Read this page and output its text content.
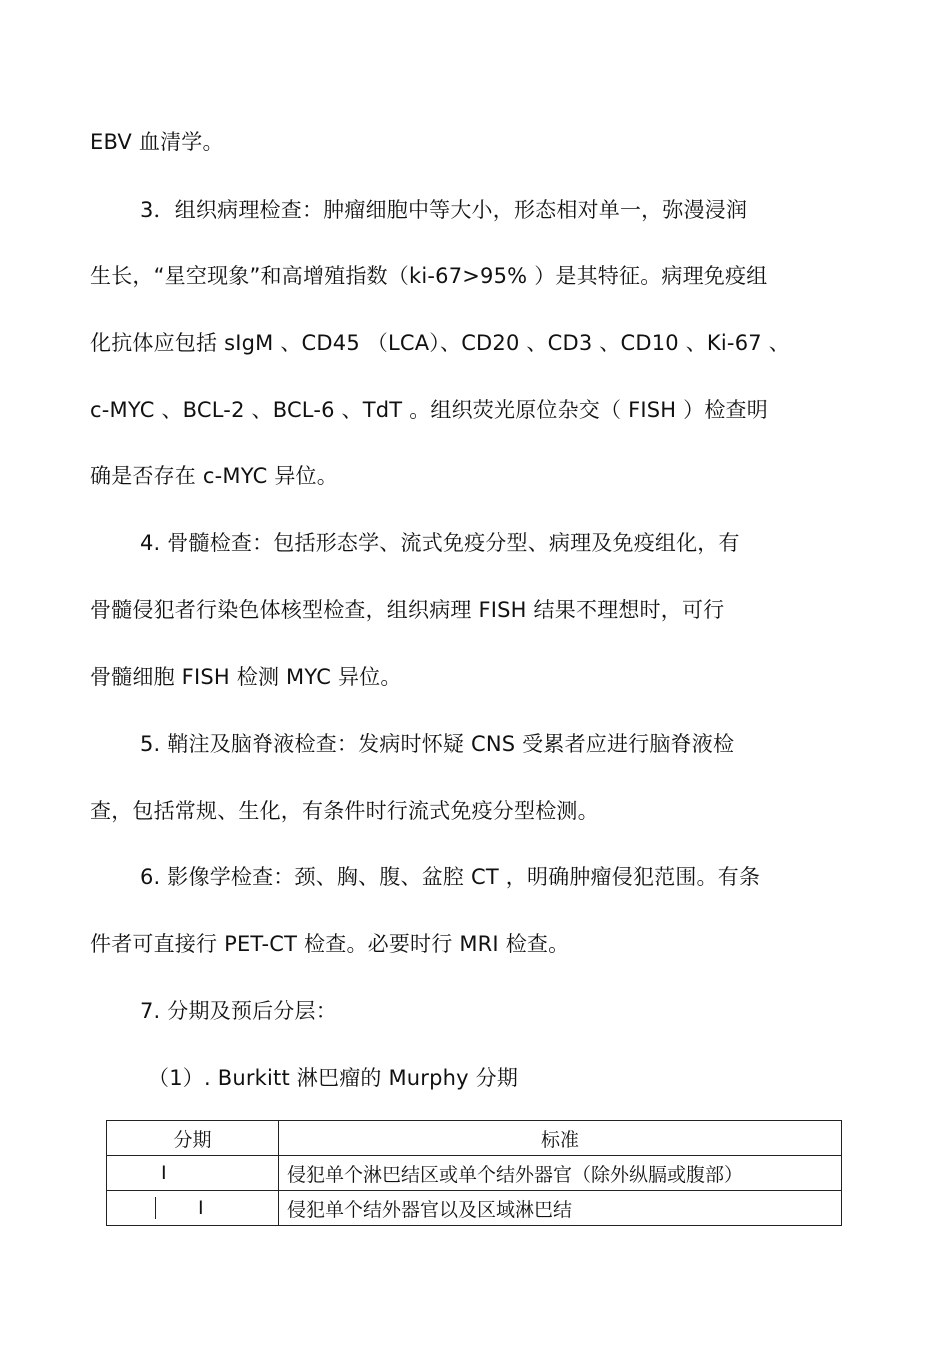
EBV 血清学。
3．组织病理检查：肿瘤细胞中等大小，形态相对单一，弥漫浸润
生长，“星空现象”和高增殖指数（ki-67>95% ）是其特征。病理免疫组
化抗体应包括 sIgM 、CD45 （LCA）、CD20 、CD3 、CD10 、Ki-67 、
c-MYC 、BCL-2 、BCL-6 、TdT 。组织荧光原位杂交（ FISH ）检查明
确是否存在 c-MYC 异位。
4. 骨髓检查：包括形态学、流式免疫分型、病理及免疫组化，有
骨髓侵犯者行染色体核型检查，组织病理 FISH 结果不理想时，可行
骨髓细胞 FISH 检测 MYC 异位。
5. 鞘注及脑脊液检查：发病时怀疑 CNS 受累者应进行脑脊液检
查，包括常规、生化，有条件时行流式免疫分型检测。
6. 影像学检查：颈、胸、腹、盆腔 CT ，明确肿瘤侵犯范围。有条
件者可直接行 PET-CT 检查。必要时行 MRI 检查。
7. 分期及预后分层：
（1）. Burkitt 淋巴瘤的 Murphy 分期
分期	标准
I	侵犯单个淋巴结区或单个结外器官（除外纵膈或腹部）
I	侵犯单个结外器官以及区域淋巴结
